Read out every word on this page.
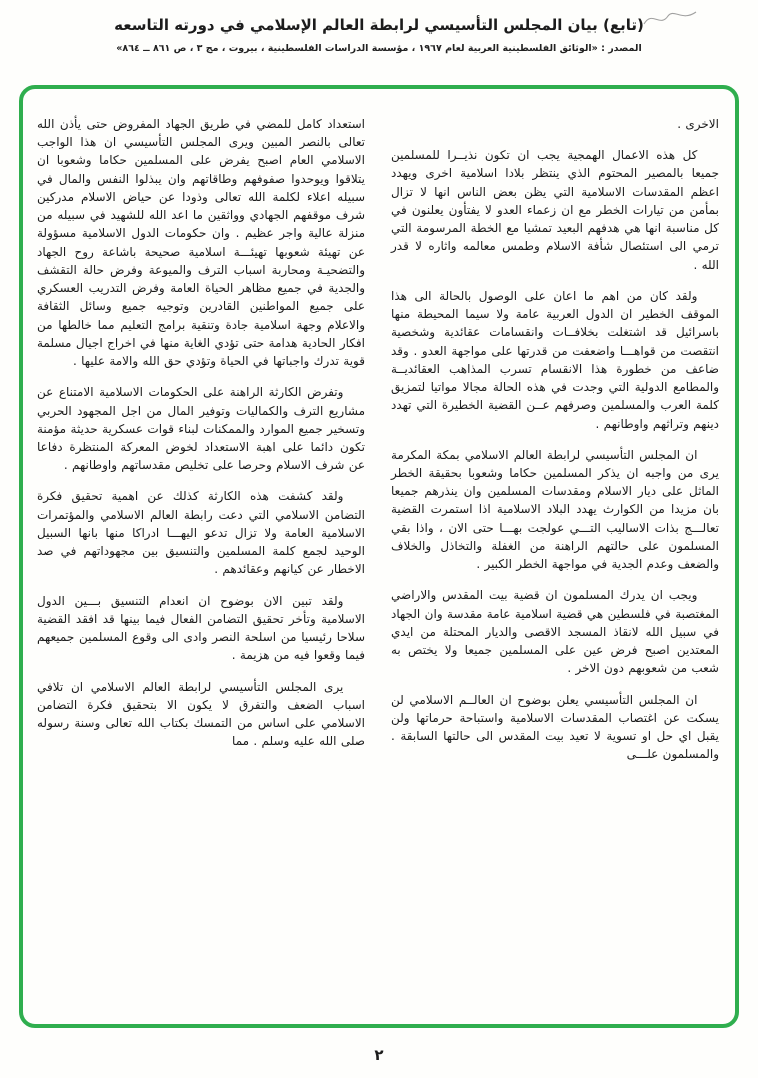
(تابع) بيان المجلس التأسيسي لرابطة العالم الإسلامي في دورته التاسعه
المصدر : «الوثائق الفلسطينية العربية لعام ١٩٦٧ ، مؤسسة الدراسات الفلسطينية ، بيروت ، مج ٣ ، ص ٨٦١ ــ ٨٦٤»

الاخرى .

كل هذه الاعمال الهمجية يجب ان تكون نذيــرا للمسلمين جميعا بالمصير المحتوم الذي ينتظر بلادا اسلامية اخرى ويهدد اعظم المقدسات الاسلامية التي يظن بعض الناس انها لا تزال بمأمن من تيارات الخطر مع ان زعماء العدو لا يفتأون يعلنون في كل مناسبة انها هي هدفهم البعيد تمشيا مع الخطة المرسومة التي ترمي الى استئصال شأفة الاسلام وطمس معالمه واثاره لا قدر الله .

ولقد كان من اهم ما اعان على الوصول بالحالة الى هذا الموقف الخطير ان الدول العربية عامة ولا سيما المحيطة منها باسرائيل قد اشتغلت بخلافــات وانقسامات عقائدية وشخصية انتقصت من قواهـــا واضعفت من قدرتها على مواجهة العدو . وقد ضاعف من خطورة هذا الانقسام تسرب المذاهب العقائديــة والمطامع الدولية التي وجدت في هذه الحالة مجالا مواتيا لتمزيق كلمة العرب والمسلمين وصرفهم عــن القضية الخطيرة التي تهدد دينهم وتراثهم واوطانهم .

ان المجلس التأسيسي لرابطة العالم الاسلامي بمكة المكرمة يرى من واجبه ان يذكر المسلمين حكاما وشعوبا بحقيقة الخطر الماثل على ديار الاسلام ومقدسات المسلمين وان ينذرهم جميعا بان مزيدا من الكوارث يهدد البلاد الاسلامية اذا استمرت القضية تعالـــج بذات الاساليب التـــي عولجت بهـــا حتى الان ، واذا بقي المسلمون على حالتهم الراهنة من الغفلة والتخاذل والخلاف والضعف وعدم الجدية في مواجهة الخطر الكبير .

ويجب ان يدرك المسلمون ان قضية بيت المقدس والاراضي المغتصبة في فلسطين هي قضية اسلامية عامة مقدسة وان الجهاد في سبيل الله لانقاذ المسجد الاقصى والديار المحتلة من ايدي المعتدين اصبح فرض عين على المسلمين جميعا ولا يختص به شعب من شعوبهم دون الاخر .

ان المجلس التأسيسي يعلن بوضوح ان العالــم الاسلامي لن يسكت عن اغتصاب المقدسات الاسلامية واستباحة حرماتها ولن يقبل اي حل او تسوية لا تعيد بيت المقدس الى حالتها السابقة . والمسلمون علـــى

استعداد كامل للمضي في طريق الجهاد المفروض حتى يأذن الله تعالى بالنصر المبين ويرى المجلس التأسيسي ان هذا الواجب الاسلامي العام اصبح يفرض على المسلمين حكاما وشعوبا ان يتلاقوا ويوحدوا صفوفهم وطاقاتهم وان يبذلوا النفس والمال في سبيله اعلاء لكلمة الله تعالى وذودا عن حياض الاسلام مدركين شرف موقفهم الجهادي وواثقين ما اعد الله للشهيد في سبيله من منزلة عالية واجر عظيم . وان حكومات الدول الاسلامية مسؤولة عن تهيئة شعوبها تهيئـــة اسلامية صحيحة باشاعة روح الجهاد والتضحيـة ومحاربة اسباب الترف والميوعة وفرض حالة التقشف والجدية في جميع مظاهر الحياة العامة وفرض التدريب العسكري على جميع المواطنين القادرين وتوجيه جميع وسائل الثقافة والاعلام وجهة اسلامية جادة وتنقية برامج التعليم مما خالطها من افكار الحادية هدامة حتى تؤدي الغاية منها في اخراج اجيال مسلمة قوية تدرك واجباتها في الحياة وتؤدي حق الله والامة عليها .

وتفرض الكارثة الراهنة على الحكومات الاسلامية الامتناع عن مشاريع الترف والكماليات وتوفير المال من اجل المجهود الحربي وتسخير جميع الموارد والممكنات لبناء قوات عسكرية حديثة مؤمنة تكون دائما على اهبة الاستعداد لخوض المعركة المنتظرة دفاعا عن شرف الاسلام وحرصا على تخليص مقدساتهم واوطانهم .

ولقد كشفت هذه الكارثة كذلك عن اهمية تحقيق فكرة التضامن الاسلامي التي دعت رابطة العالم الاسلامي والمؤتمرات الاسلامية العامة ولا تزال تدعو اليهـــا ادراكا منها بانها السبيل الوحيد لجمع كلمة المسلمين والتنسيق بين مجهوداتهم في صد الاخطار عن كيانهم وعقائدهم .

ولقد تبين الان بوضوح ان انعدام التنسيق بـــين الدول الاسلامية وتأخر تحقيق التضامن الفعال فيما بينها قد افقد القضية سلاحا رئيسيا من اسلحة النصر وادى الى وقوع المسلمين جميعهم فيما وقعوا فيه من هزيمة .

يرى المجلس التأسيسي لرابطة العالم الاسلامي ان تلافي اسباب الضعف والتفرق لا يكون الا بتحقيق فكرة التضامن الاسلامي على اساس من التمسك بكتاب الله تعالى وسنة رسوله صلى الله عليه وسلم . مما

٢
